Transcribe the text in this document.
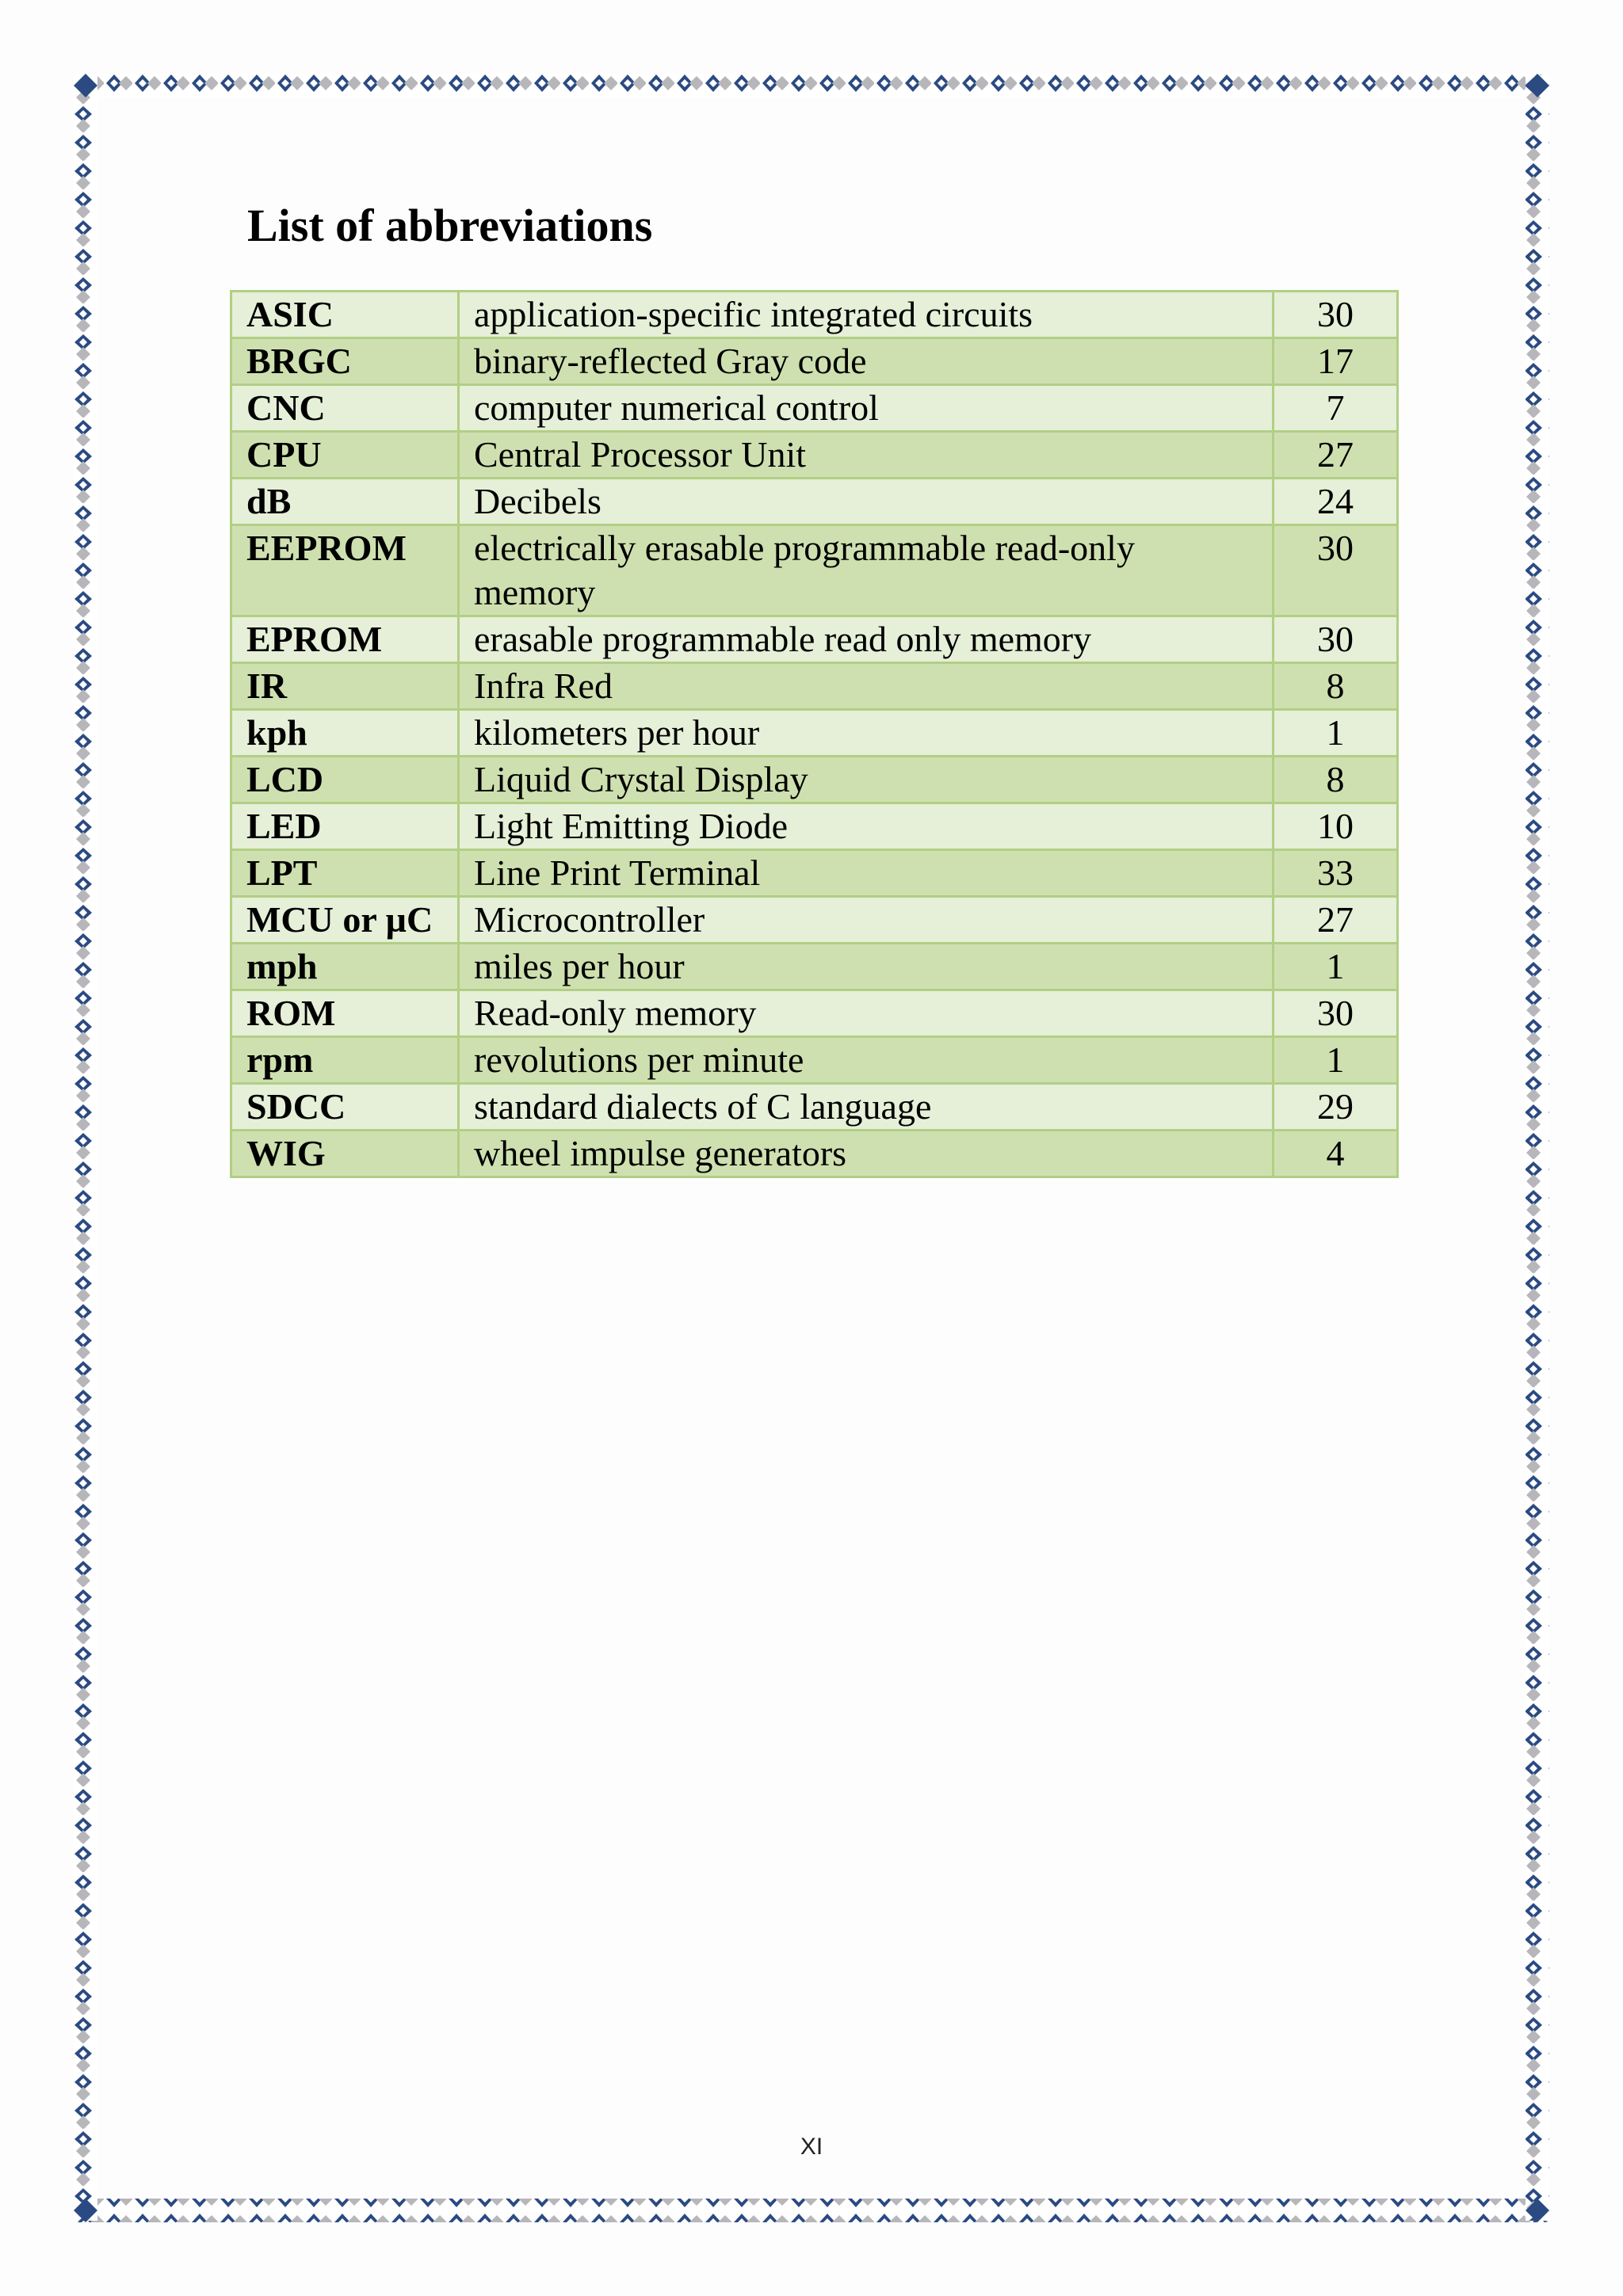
List of abbreviations
ASIC	application-specific integrated circuits	30
BRGC	binary-reflected Gray code	17
CNC	computer numerical control	7
CPU	Central Processor Unit	27
dB	Decibels	24
EEPROM	electrically erasable programmable read-only memory	30
EPROM	erasable programmable read only memory	30
IR	Infra Red	8
kph	kilometers per hour	1
LCD	Liquid Crystal Display	8
LED	Light Emitting Diode	10
LPT	Line Print Terminal	33
MCU or µC	Microcontroller	27
mph	miles per hour	1
ROM	Read-only memory	30
rpm	revolutions per minute	1
SDCC	standard dialects of C language	29
WIG	wheel impulse generators	4
XI
